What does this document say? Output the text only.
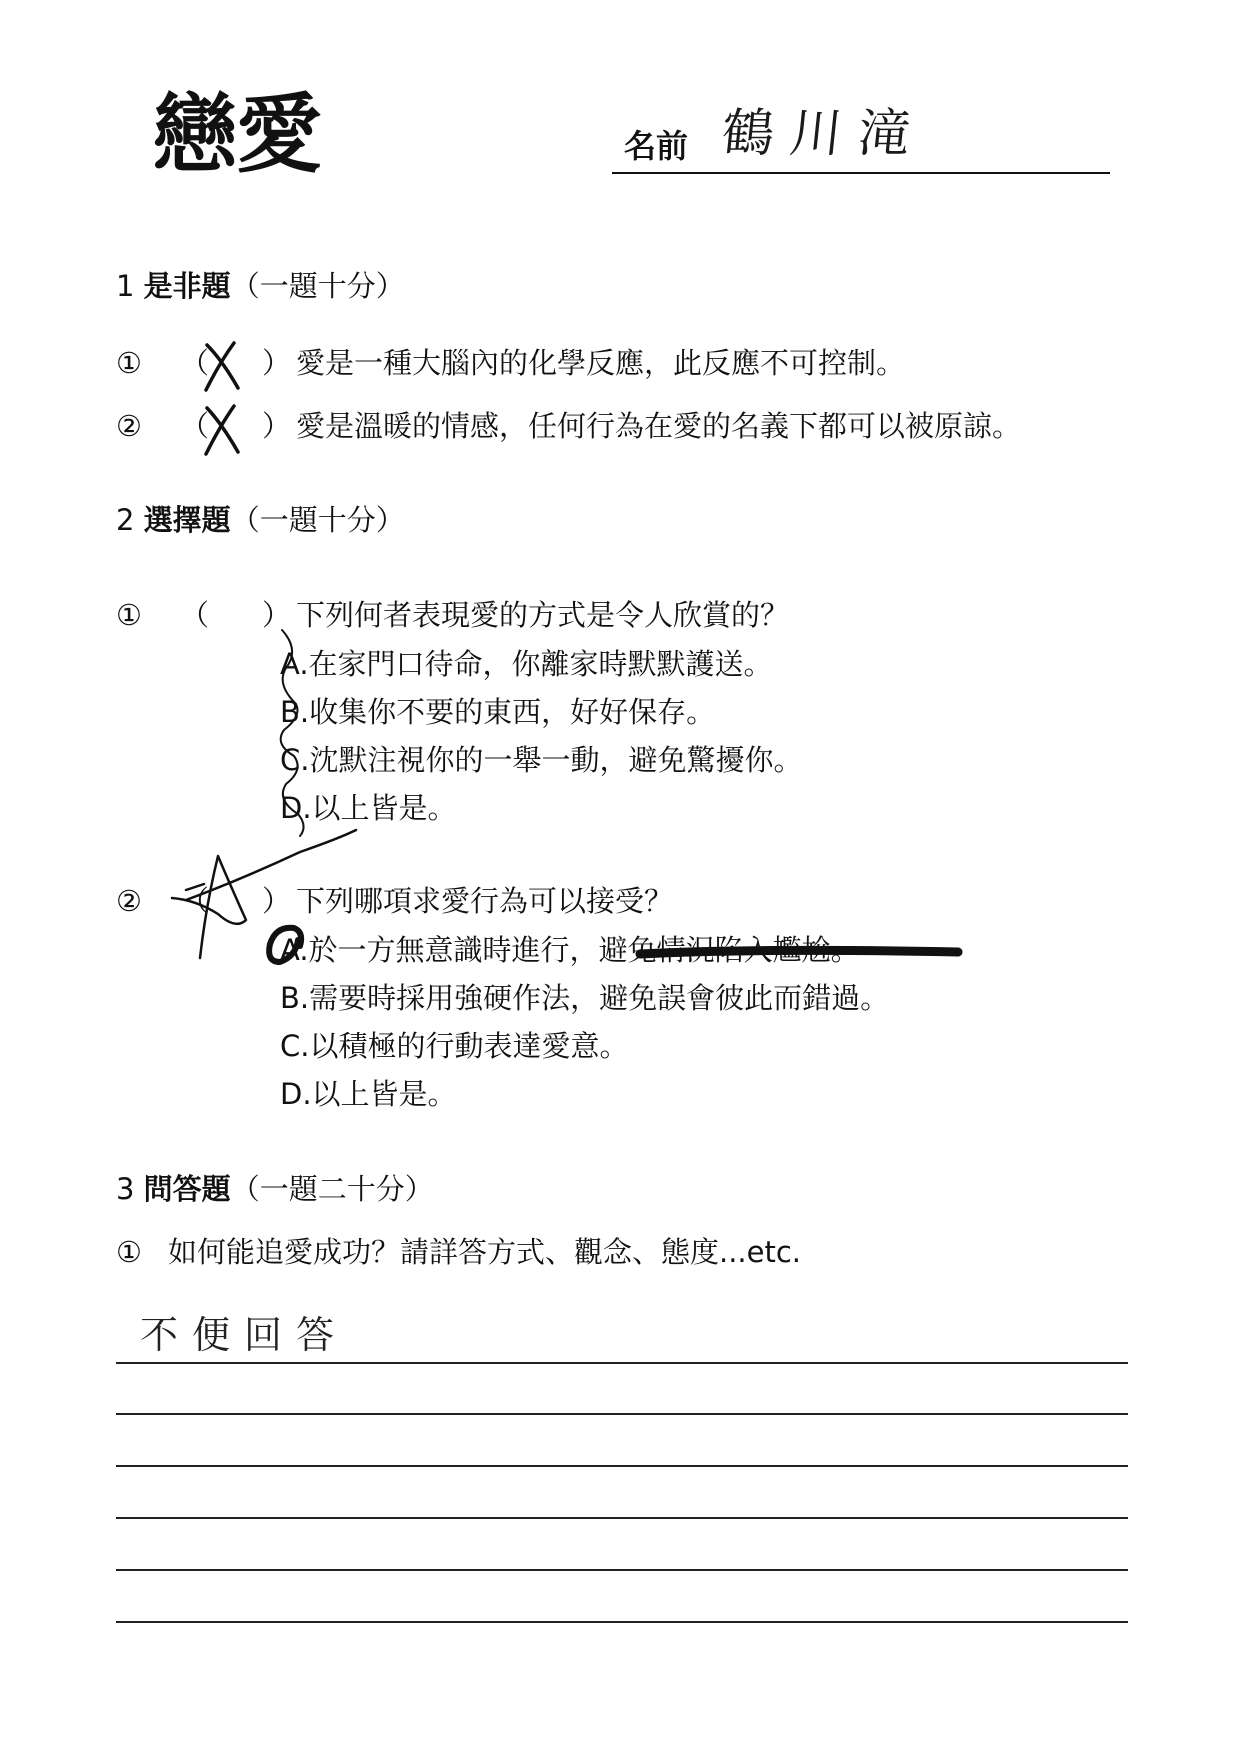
戀愛	名前 鶴川滝
1 是非題（一題十分）
① （ ） 愛是一種大腦內的化學反應，此反應不可控制。
② （ ） 愛是溫暖的情感，任何行為在愛的名義下都可以被原諒。
2 選擇題（一題十分）
① （ ） 下列何者表現愛的方式是令人欣賞的？
A.在家門口待命，你離家時默默護送。
B.收集你不要的東西，好好保存。
C.沈默注視你的一舉一動，避免驚擾你。
D.以上皆是。
② （ ） 下列哪項求愛行為可以接受？
A.於一方無意識時進行，避免情況陷入尷尬。
B.需要時採用強硬作法，避免誤會彼此而錯過。
C.以積極的行動表達愛意。
D.以上皆是。
3 問答題（一題二十分）
① 如何能追愛成功？請詳答方式、觀念、態度...etc.
不便回答
